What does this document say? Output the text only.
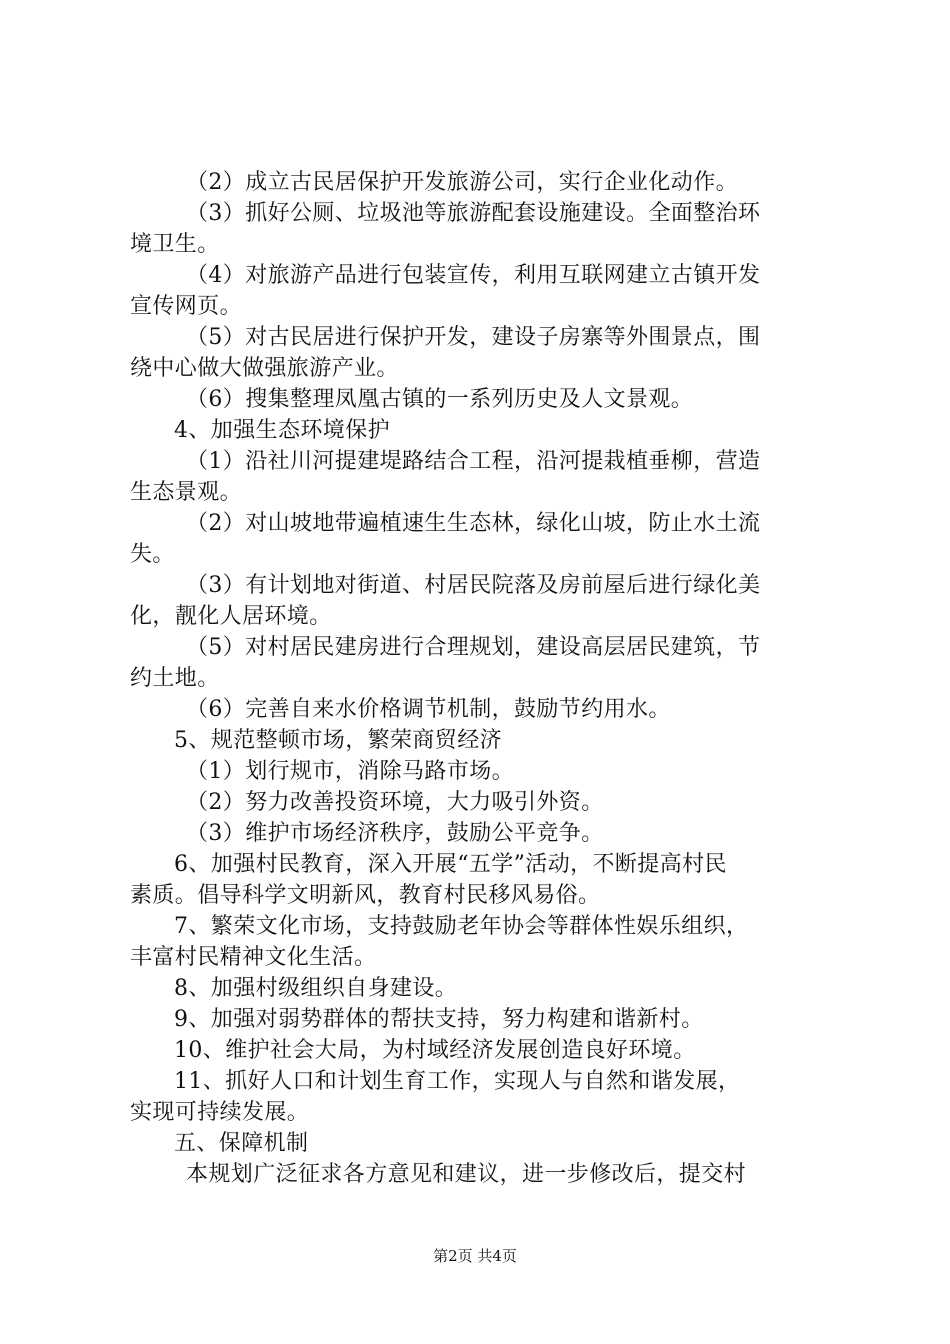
（2）成立古民居保护开发旅游公司，实行企业化动作。
（3）抓好公厕、垃圾池等旅游配套设施建设。全面整治环
境卫生。
（4）对旅游产品进行包装宣传，利用互联网建立古镇开发
宣传网页。
（5）对古民居进行保护开发，建设子房寨等外围景点，围
绕中心做大做强旅游产业。
（6）搜集整理凤凰古镇的一系列历史及人文景观。
4、加强生态环境保护
（1）沿社川河提建堤路结合工程，沿河提栽植垂柳，营造
生态景观。
（2）对山坡地带遍植速生生态林，绿化山坡，防止水土流
失。
（3）有计划地对街道、村居民院落及房前屋后进行绿化美
化，靓化人居环境。
（5）对村居民建房进行合理规划，建设高层居民建筑，节
约土地。
（6）完善自来水价格调节机制，鼓励节约用水。
5、规范整顿市场，繁荣商贸经济
（1）划行规市，消除马路市场。
（2）努力改善投资环境，大力吸引外资。
（3）维护市场经济秩序，鼓励公平竞争。
6、加强村民教育，深入开展“五学”活动，不断提高村民
素质。倡导科学文明新风，教育村民移风易俗。
7、繁荣文化市场，支持鼓励老年协会等群体性娱乐组织，
丰富村民精神文化生活。
8、加强村级组织自身建设。
9、加强对弱势群体的帮扶支持，努力构建和谐新村。
10、维护社会大局，为村域经济发展创造良好环境。
11、抓好人口和计划生育工作，实现人与自然和谐发展，
实现可持续发展。
五、保障机制
本规划广泛征求各方意见和建议，进一步修改后，提交村
第2页 共4页
